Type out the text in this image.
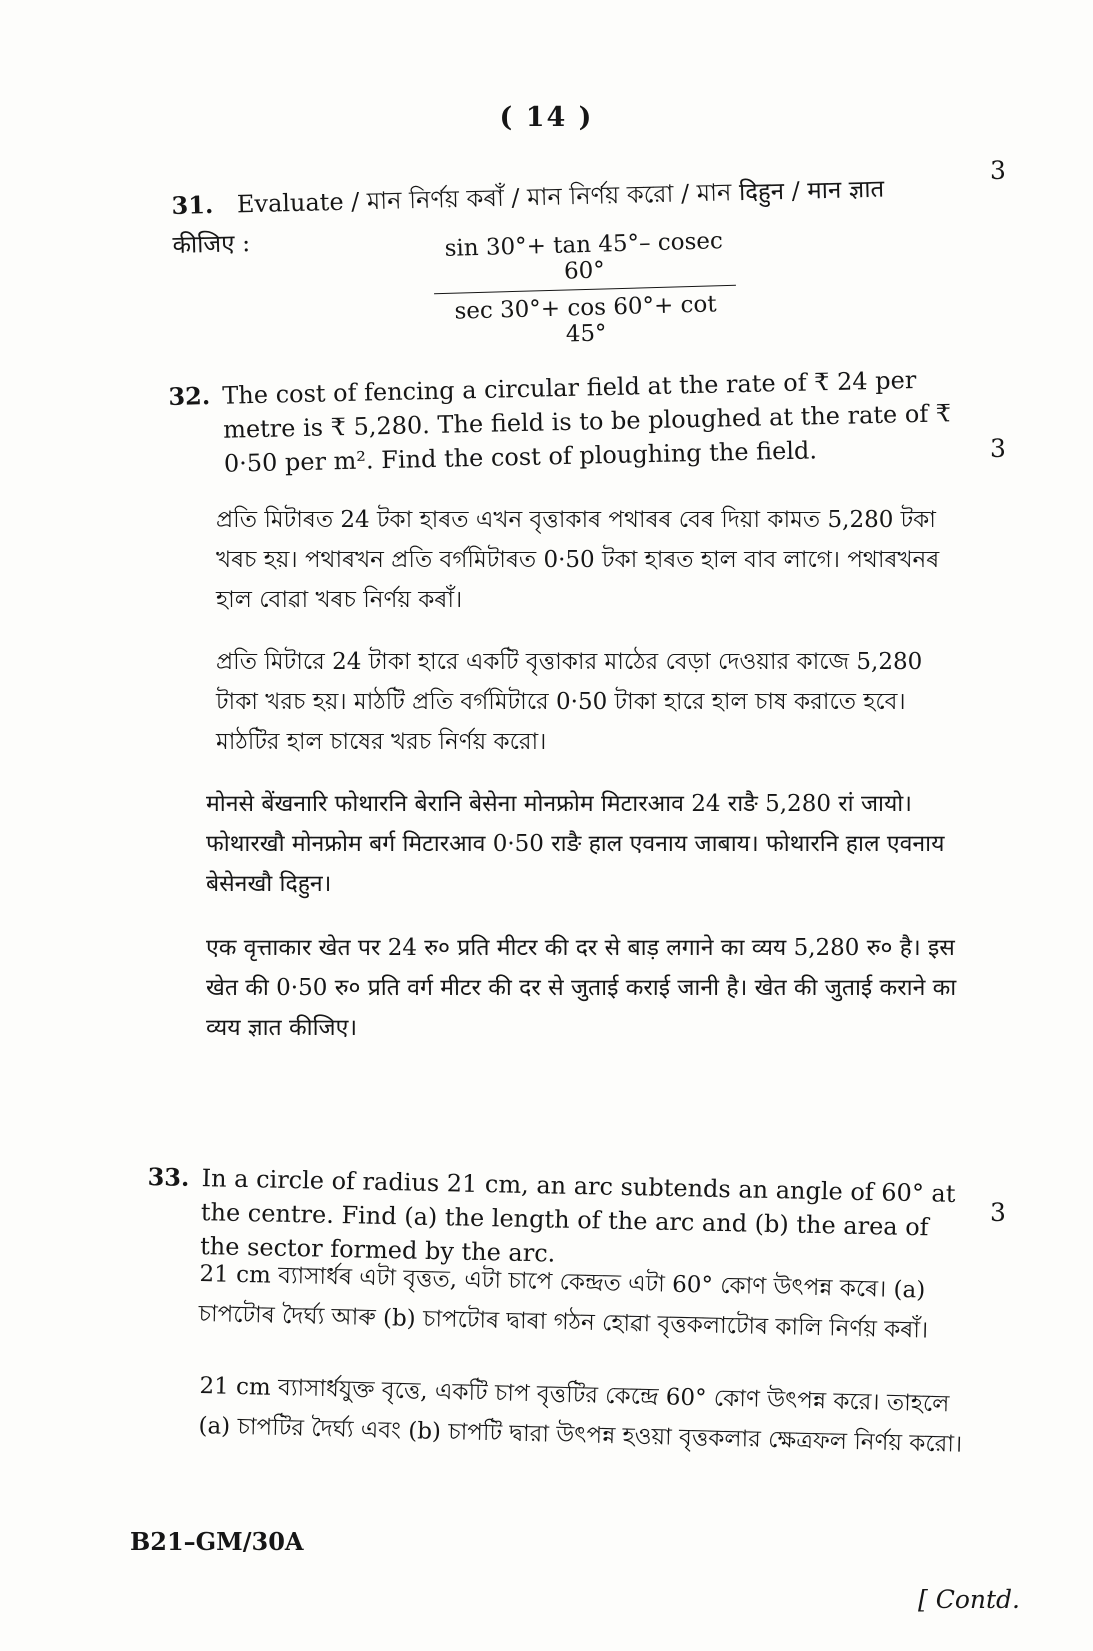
( 14 )
31. Evaluate / মান নিৰ্ণয় কৰাঁ / মান নির্ণয় করো / মান दिहुन / मान ज्ञात कीजिए :
3
sin 30°+ tan 45°– cosec 60°
sec 30°+ cos 60°+ cot 45°
32. The cost of fencing a circular field at the rate of ₹ 24 per metre is ₹ 5,280. The field is to be ploughed at the rate of ₹ 0·50 per m². Find the cost of ploughing the field.	3
প্ৰতি মিটাৰত 24 টকা হাৰত এখন বৃত্তাকাৰ পথাৰৰ বেৰ দিয়া কামত 5,280 টকা খৰচ হয়। পথাৰখন প্ৰতি বৰ্গমিটাৰত 0·50 টকা হাৰত হাল বাব লাগে। পথাৰখনৰ হাল বোৱা খৰচ নিৰ্ণয় কৰাঁ।
প্রতি মিটারে 24 টাকা হারে একটি বৃত্তাকার মাঠের বেড়া দেওয়ার কাজে 5,280 টাকা খরচ হয়। মাঠটি প্রতি বর্গমিটারে 0·50 টাকা হারে হাল চাষ করাতে হবে। মাঠটির হাল চাষের খরচ নির্ণয় করো।
मोनसे बेंखनारि फोथारनि बेरानि बेसेना मोनफ्रोम मिटारआव 24 राङै 5,280 रां जायो। फोथारखौ मोनफ्रोम बर्ग मिटारआव 0·50 राङै हाल एवनाय जाबाय। फोथारनि हाल एवनाय बेसेनखौ दिहुन।
एक वृत्ताकार खेत पर 24 रु० प्रति मीटर की दर से बाड़ लगाने का व्यय 5,280 रु० है। इस खेत की 0·50 रु० प्रति वर्ग मीटर की दर से जुताई कराई जानी है। खेत की जुताई कराने का व्यय ज्ञात कीजिए।
33. In a circle of radius 21 cm, an arc subtends an angle of 60° at the centre. Find (a) the length of the arc and (b) the area of the sector formed by the arc.
3
21 cm ব্যাসাৰ্ধৰ এটা বৃত্তত, এটা চাপে কেন্দ্ৰত এটা 60° কোণ উৎপন্ন কৰে। (a) চাপটোৰ দৈৰ্ঘ্য আৰু (b) চাপটোৰ দ্বাৰা গঠন হোৱা বৃত্তকলাটোৰ কালি নিৰ্ণয় কৰাঁ।
21 cm ব্যাসার্ধযুক্ত বৃত্তে, একটি চাপ বৃত্তটির কেন্দ্রে 60° কোণ উৎপন্ন করে। তাহলে (a) চাপটির দৈর্ঘ্য এবং (b) চাপটি দ্বারা উৎপন্ন হওয়া বৃত্তকলার ক্ষেত্রফল নির্ণয় করো।
B21–GM/30A
[ Contd.
